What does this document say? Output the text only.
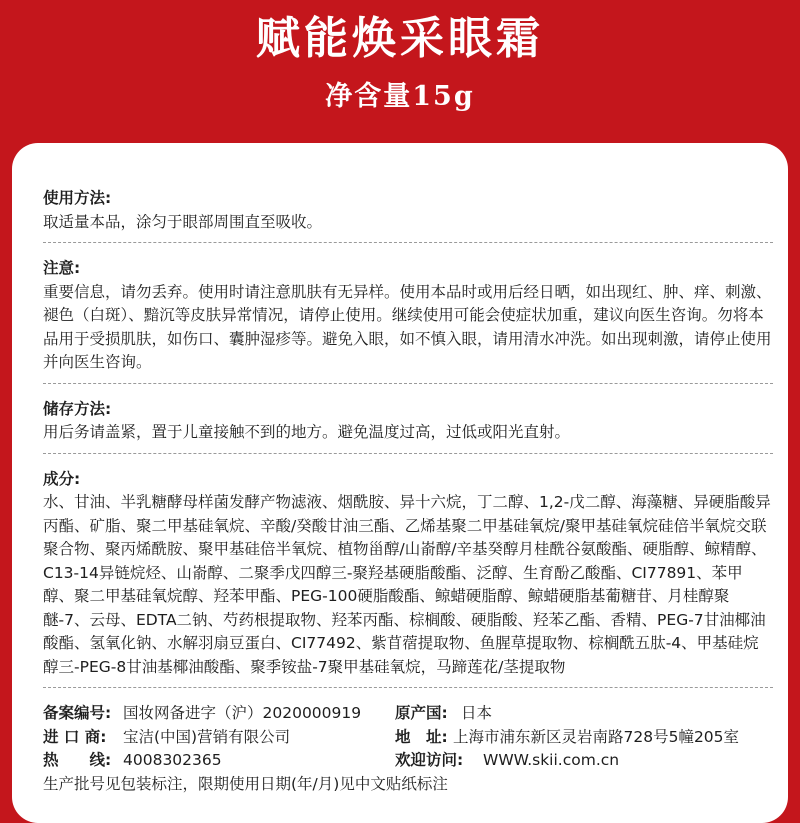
赋能焕采眼霜
净含量15g
使用方法:

取适量本品，涂匀于眼部周围直至吸收。

注意:

重要信息，请勿丢弃。使用时请注意肌肤有无异样。使用本品时或用后经日晒，如出现红、肿、痒、刺激、褪色（白斑）、黯沉等皮肤异常情况，请停止使用。继续使用可能会使症状加重，建议向医生咨询。勿将本品用于受损肌肤，如伤口、囊肿湿疹等。避免入眼，如不慎入眼，请用清水冲洗。如出现刺激，请停止使用并向医生咨询。

储存方法:

用后务请盖紧，置于儿童接触不到的地方。避免温度过高，过低或阳光直射。

成分:

水、甘油、半乳糖酵母样菌发酵产物滤液、烟酰胺、异十六烷，丁二醇、1,2-戊二醇、海藻糖、异硬脂酸异丙酯、矿脂、聚二甲基硅氧烷、辛酸/癸酸甘油三酯、乙烯基聚二甲基硅氧烷/聚甲基硅氧烷硅倍半氧烷交联聚合物、聚丙烯酰胺、聚甲基硅倍半氧烷、植物甾醇/山嵛醇/辛基癸醇月桂酰谷氨酸酯、硬脂醇、鲸精醇、C13-14异链烷烃、山嵛醇、二聚季戊四醇三-聚羟基硬脂酸酯、泛醇、生育酚乙酸酯、CI77891、苯甲醇、聚二甲基硅氧烷醇、羟苯甲酯、PEG-100硬脂酸酯、鲸蜡硬脂醇、鲸蜡硬脂基葡糖苷、月桂醇聚醚-7、云母、EDTA二钠、芍药根提取物、羟苯丙酯、棕榈酸、硬脂酸、羟苯乙酯、香精、PEG-7甘油椰油酸酯、氢氧化钠、水解羽扇豆蛋白、CI77492、紫苜蓿提取物、鱼腥草提取物、棕榈酰五肽-4、甲基硅烷醇三-PEG-8甘油基椰油酸酯、聚季铵盐-7聚甲基硅氧烷，马蹄莲花/茎提取物

备案编号: 国妆网备进字（沪）2020000919	原产国: 日本
进 口 商:	宝洁(中国)营销有限公司	地　址: 上海市浦东新区灵岩南路728号5幢205室
热　　线: 4008302365	欢迎访问:	WWW.skii.com.cn
生产批号见包装标注，限期使用日期(年/月)见中文贴纸标注
